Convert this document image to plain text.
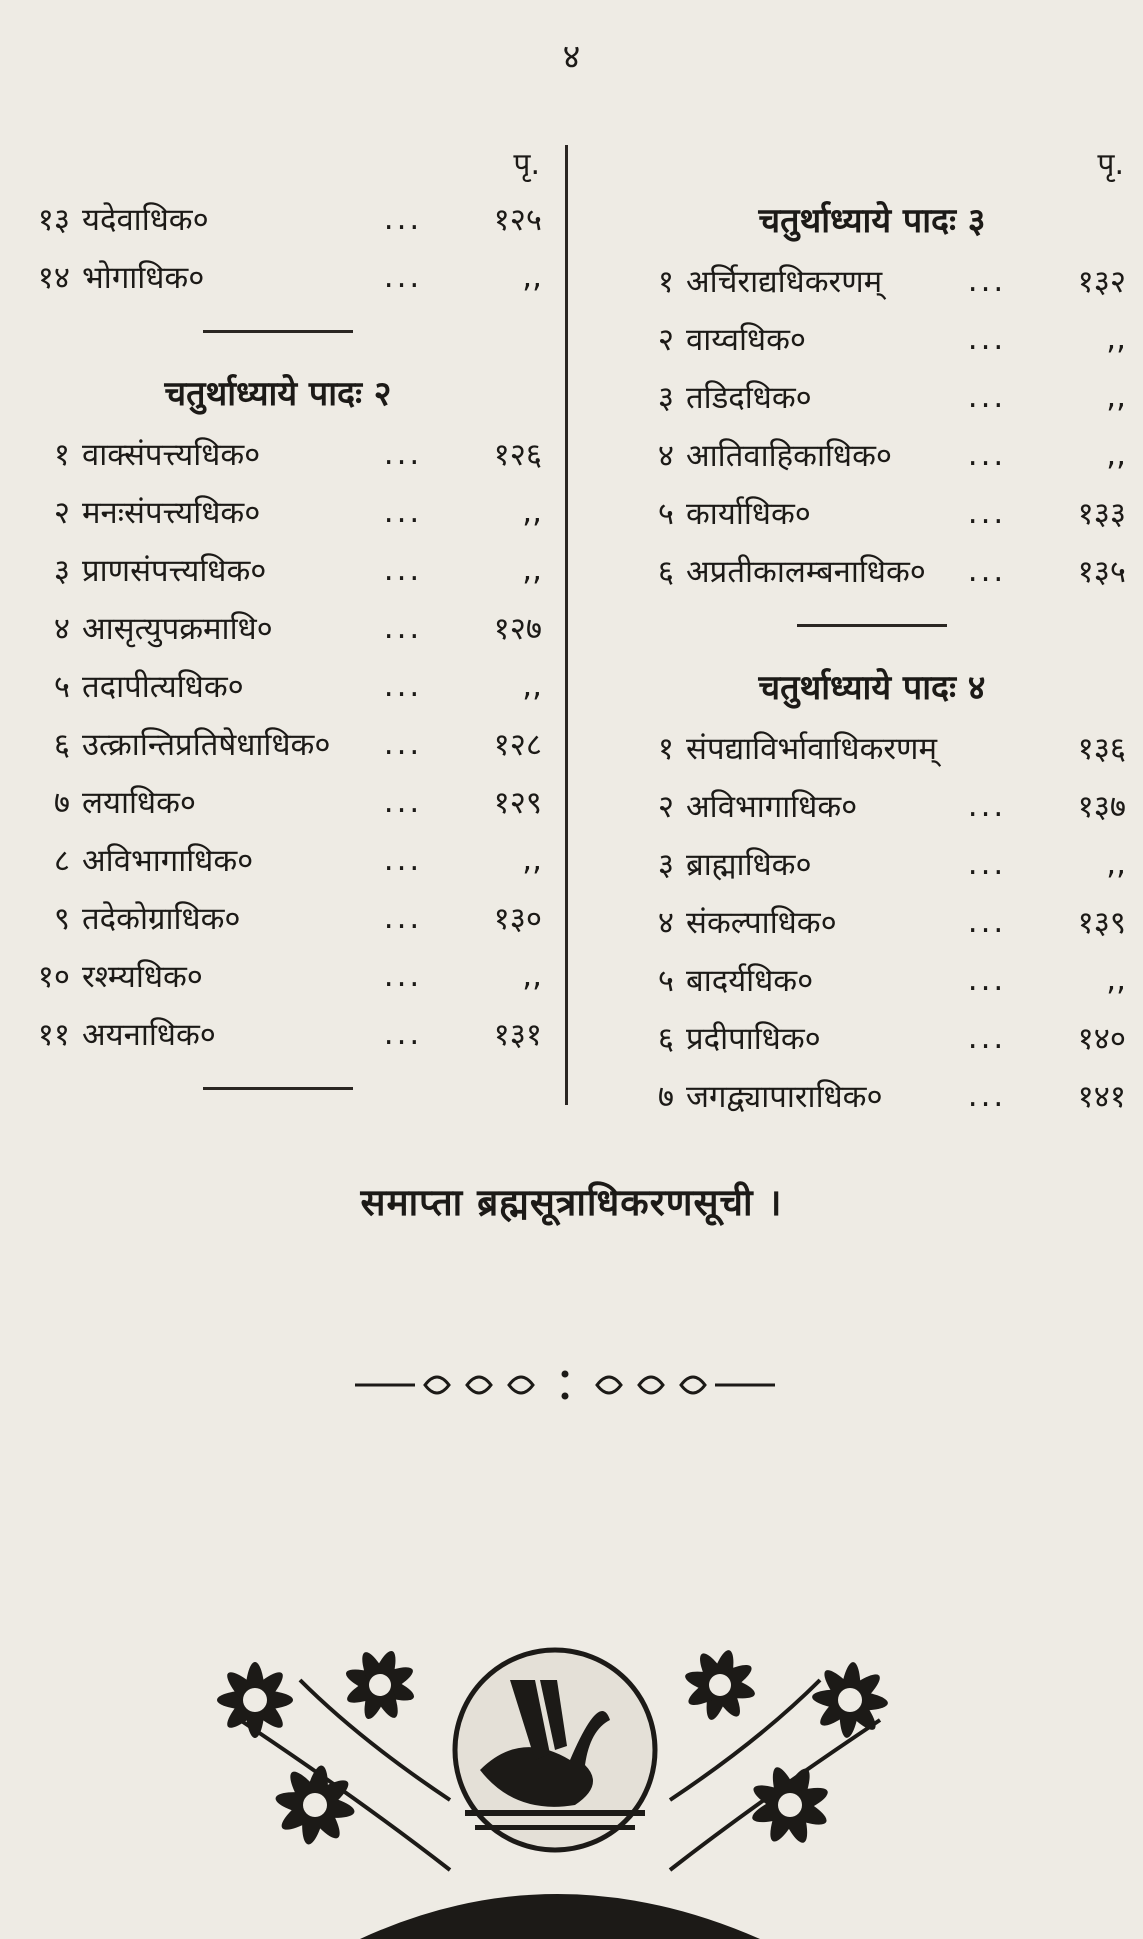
४
पृ.
१३ यदेवाधिक०	...	१२५
१४ भोगाधिक०	...	,,
चतुर्थाध्याये पादः २
१ वाक्संपत्त्यधिक०	...	१२६
२ मनःसंपत्त्यधिक०	...	,,
३ प्राणसंपत्त्यधिक०	...	,,
४ आसृत्युपक्रमाधि०	...	१२७
५ तदापीत्यधिक०	...	,,
६ उत्क्रान्तिप्रतिषेधाधिक०	...	१२८
७ लयाधिक०	...	१२९
८ अविभागाधिक०	...	,,
९ तदेकोग्राधिक०	...	१३०
१० रश्म्यधिक०	...	,,
११ अयनाधिक०	...	१३१
पृ.
चतुर्थाध्याये पादः ३
१ अर्चिराद्यधिकरणम्	...	१३२
२ वाय्वधिक०	...	,,
३ तडिदधिक०	...	,,
४ आतिवाहिकाधिक०	...	,,
५ कार्याधिक०	...	१३३
६ अप्रतीकालम्बनाधिक०	...	१३५
चतुर्थाध्याये पादः ४
१ संपद्याविर्भावाधिकरणम्	१३६
२ अविभागाधिक०	...	१३७
३ ब्राह्माधिक०	...	,,
४ संकल्पाधिक०	...	१३९
५ बादर्यधिक०	...	,,
६ प्रदीपाधिक०	...	१४०
७ जगद्व्यापाराधिक०	...	१४१
समाप्ता ब्रह्मसूत्राधिकरणसूची ।
